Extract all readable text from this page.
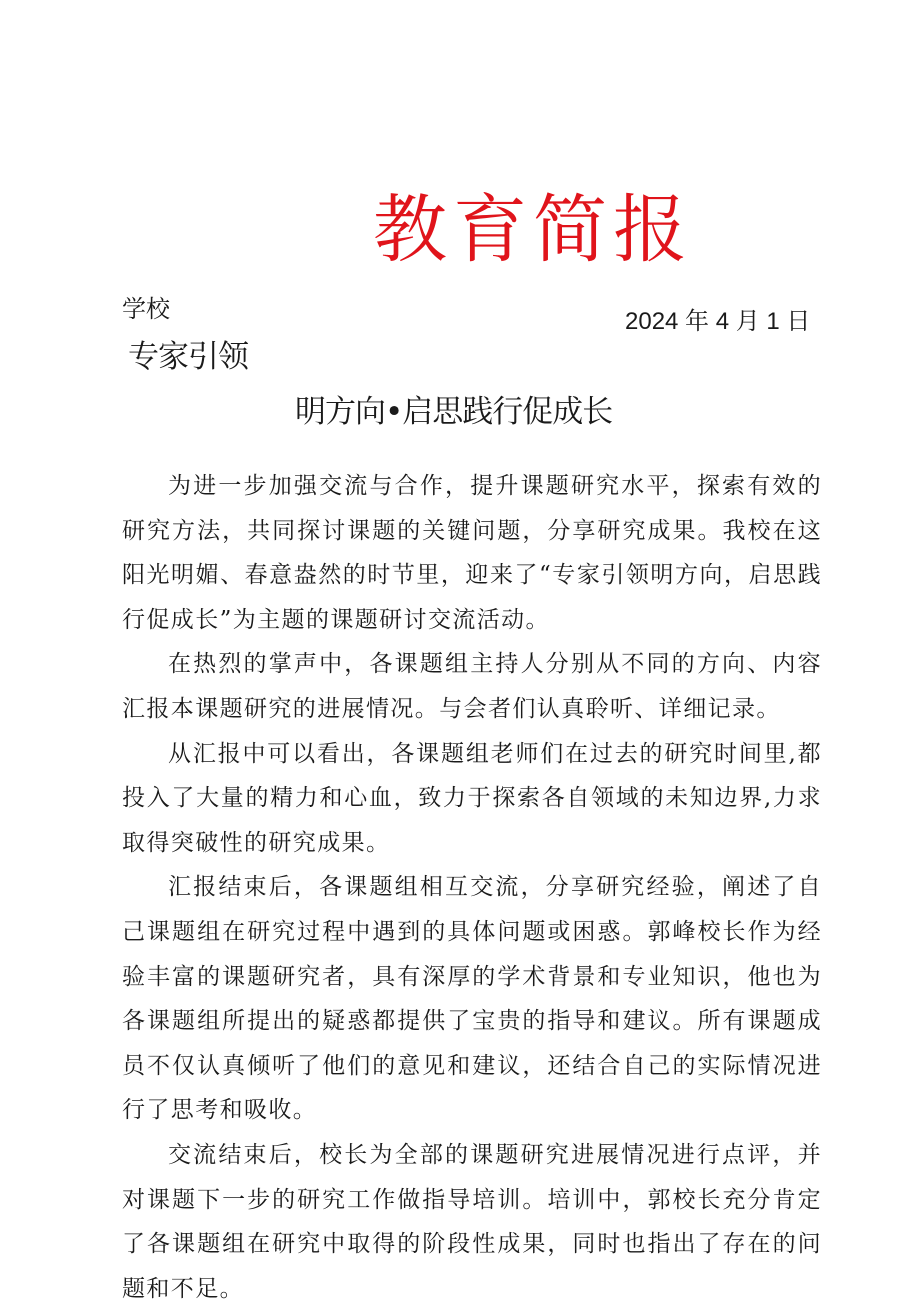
教育简报
学校	2024 年 4 月 1 日
专家引领
明方向•启思践行促成长

为进一步加强交流与合作，提升课题研究水平，探索有效的研究方法，共同探讨课题的关键问题，分享研究成果。我校在这阳光明媚、春意盎然的时节里，迎来了“专家引领明方向，启思践行促成长”为主题的课题研讨交流活动。

在热烈的掌声中，各课题组主持人分别从不同的方向、内容汇报本课题研究的进展情况。与会者们认真聆听、详细记录。

从汇报中可以看出，各课题组老师们在过去的研究时间里,都投入了大量的精力和心血，致力于探索各自领域的未知边界,力求取得突破性的研究成果。

汇报结束后，各课题组相互交流，分享研究经验，阐述了自己课题组在研究过程中遇到的具体问题或困惑。郭峰校长作为经验丰富的课题研究者，具有深厚的学术背景和专业知识，他也为各课题组所提出的疑惑都提供了宝贵的指导和建议。所有课题成员不仅认真倾听了他们的意见和建议，还结合自己的实际情况进行了思考和吸收。

交流结束后，校长为全部的课题研究进展情况进行点评，并对课题下一步的研究工作做指导培训。培训中，郭校长充分肯定了各课题组在研究中取得的阶段性成果，同时也指出了存在的问题和不足。
